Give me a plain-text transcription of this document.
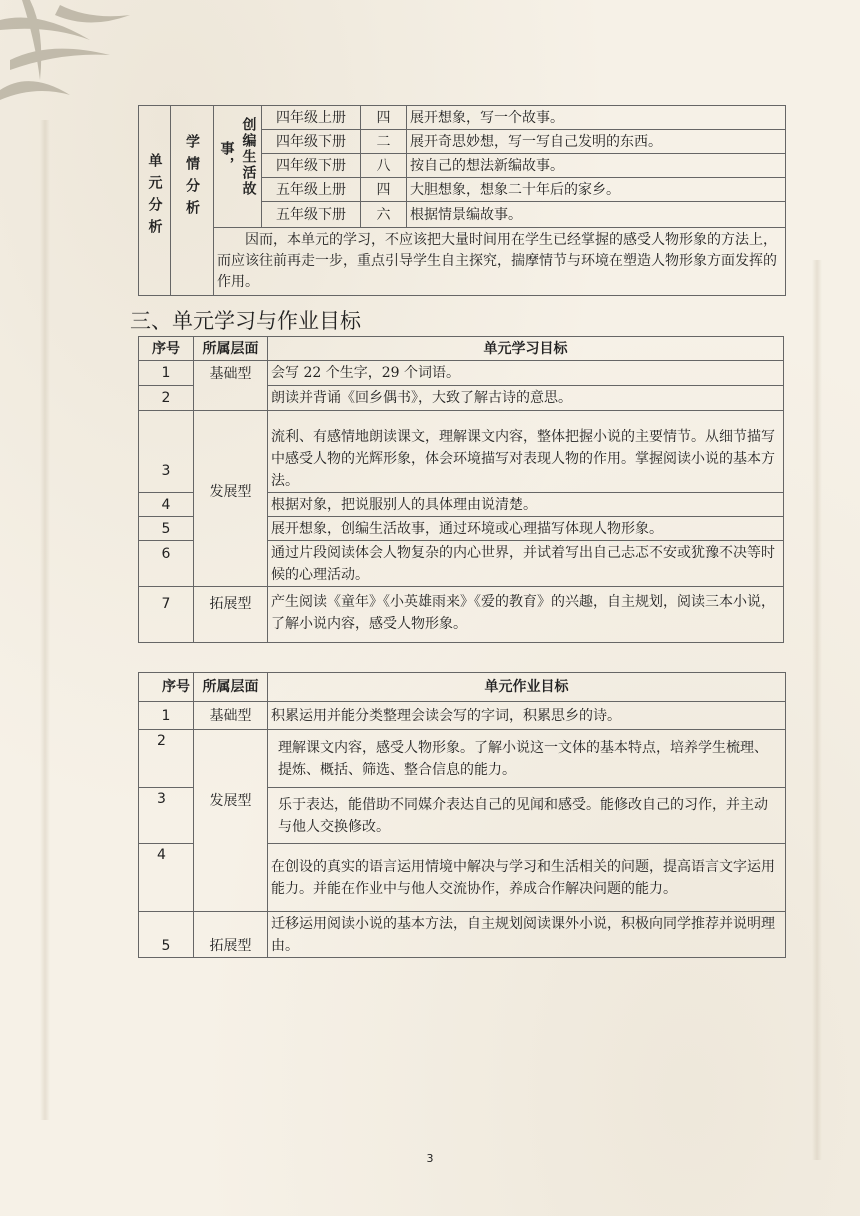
单元分析	学情分析	创编生活故事，	四年级上册	四	展开想象，写一个故事。
			四年级下册	二	展开奇思妙想，写一写自己发明的东西。
			四年级下册	八	按自己的想法新编故事。
			五年级上册	四	大胆想象，想象二十年后的家乡。
			五年级下册	六	根据情景编故事。
		因而，本单元的学习，不应该把大量时间用在学生已经掌握的感受人物形象的方法上，而应该往前再走一步，重点引导学生自主探究，揣摩情节与环境在塑造人物形象方面发挥的作用。			
三、单元学习与作业目标
序号	所属层面	单元学习目标
1	基础型	会写 22 个生字，29 个词语。
2		朗读并背诵《回乡偶书》，大致了解古诗的意思。
3	发展型	流利、有感情地朗读课文，理解课文内容，整体把握小说的主要情节。从细节描写中感受人物的光辉形象，体会环境描写对表现人物的作用。掌握阅读小说的基本方法。
4		根据对象，把说服别人的具体理由说清楚。
5		展开想象，创编生活故事，通过环境或心理描写体现人物形象。
6		通过片段阅读体会人物复杂的内心世界，并试着写出自己忐忑不安或犹豫不决等时候的心理活动。
7	拓展型	产生阅读《童年》《小英雄雨来》《爱的教育》的兴趣，自主规划，阅读三本小说，了解小说内容，感受人物形象。
序号	所属层面	单元作业目标
1	基础型	积累运用并能分类整理会读会写的字词，积累思乡的诗。
2	发展型	理解课文内容，感受人物形象。了解小说这一文体的基本特点，培养学生梳理、提炼、概括、筛选、整合信息的能力。
3		乐于表达，能借助不同媒介表达自己的见闻和感受。能修改自己的习作，并主动与他人交换修改。
4		在创设的真实的语言运用情境中解决与学习和生活相关的问题，提高语言文字运用能力。并能在作业中与他人交流协作，养成合作解决问题的能力。
5	拓展型	迁移运用阅读小说的基本方法，自主规划阅读课外小说，积极向同学推荐并说明理由。
3
